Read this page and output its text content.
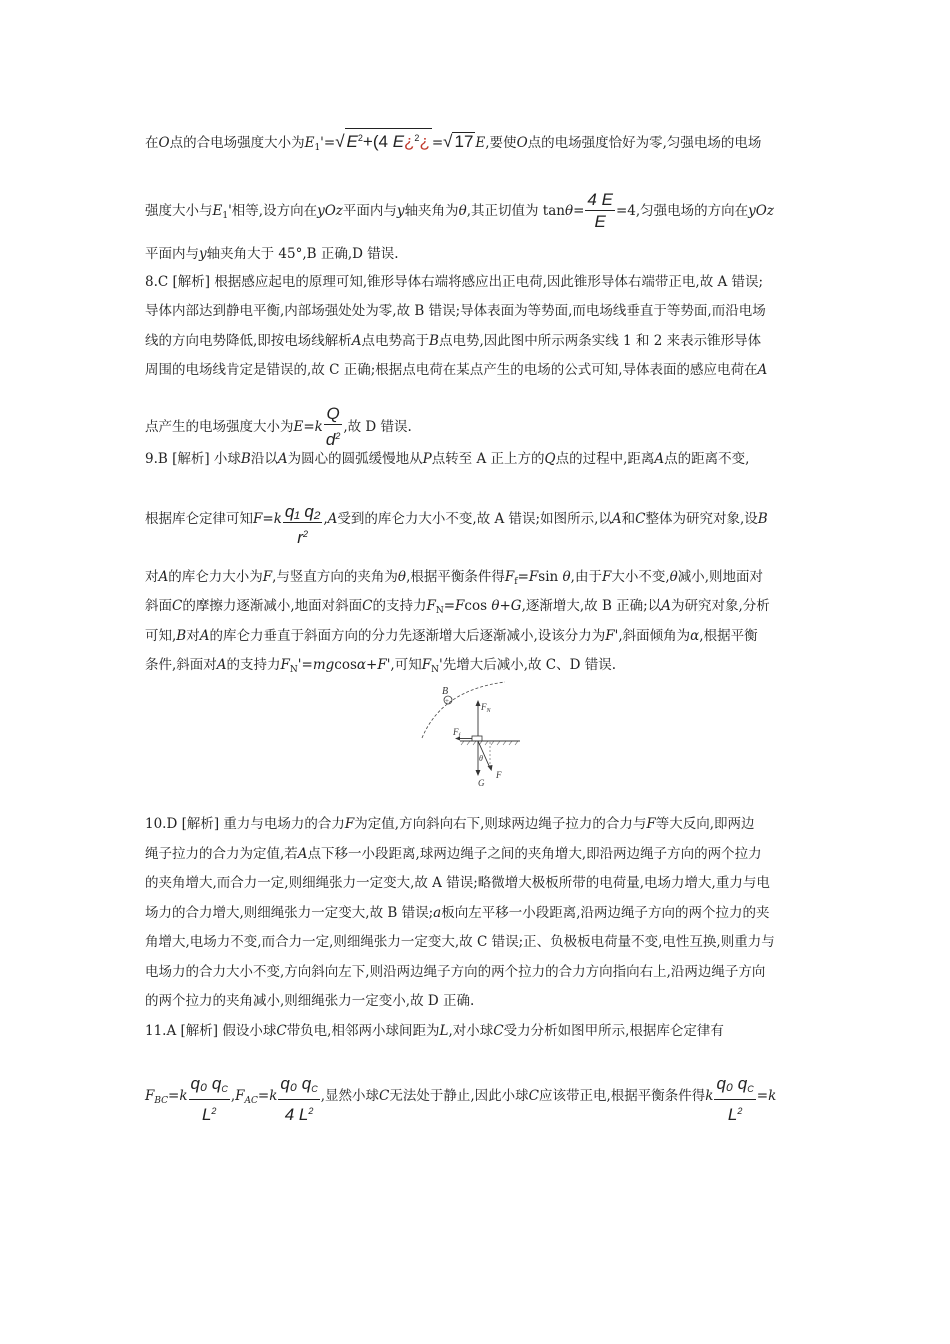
在O点的合电场强度大小为$E_1'=√$ $E^2+(4$ E¿$^2$¿ =√ 17 E,要使O点的电场强度恰好为零,匀强电场的电场
强度大小与$E_1'$相等,设方向在yOz平面内与y轴夹角为θ,其正切值为 $\tan\theta= \frac{4 E}{E} =4$,匀强电场的方向在yOz
平面内与y轴夹角大于 45°,B 正确,D 错误.
8.C [解析] 根据感应起电的原理可知,锥形导体右端将感应出正电荷,因此锥形导体右端带正电,故 A 错误;
导体内部达到静电平衡,内部场强处处为零,故 B 错误;导体表面为等势面,而电场线垂直于等势面,而沿电场
线的方向电势降低,即按电场线解析A点电势高于B点电势,因此图中所示两条实线 1 和 2 来表示锥形导体
周围的电场线肯定是错误的,故 C 正确;根据点电荷在某点产生的电场的公式可知,导体表面的感应电荷在A
点产生的电场强度大小为$E=k \frac{Q}{d^2}$ ,故 D 错误.
9.B [解析] 小球B沿以A为圆心的圆弧缓慢地从P点转至 A 正上方的Q点的过程中,距离A点的距离不变,
根据库仑定律可知$F=k \frac{\text{q₁ q₂}}{r^2} ,A$受到的库仑力大小不变,故 A 错误;如图所示,以A和C整体为研究对象,设B
对A的库仑力大小为F,与竖直方向的夹角为θ,根据平衡条件得$F_f=Fsin$ θ,由于F大小不变,θ减小,则地面对
斜面C的摩擦力逐渐减小,地面对斜面C的支持力$F_N=Fcos$ θ+G,逐渐增大,故 B 正确;以A为研究对象,分析
可知,B对A的库仑力垂直于斜面方向的分力先逐渐增大后逐渐减小,设该分力为F',斜面倾角为α,根据平衡
条件,斜面对A的支持力$F_N'=mgcos\alpha+F'$,可知$F_N'$先增大后减小,故 C、D 错误.
B
+
$F_N$
$F_f$
G
F
θ
10.D [解析] 重力与电场力的合力F为定值,方向斜向右下,则球两边绳子拉力的合力与F等大反向,即两边
绳子拉力的合力为定值,若A点下移一小段距离,球两边绳子之间的夹角增大,即沿两边绳子方向的两个拉力
的夹角增大,而合力一定,则细绳张力一定变大,故 A 错误;略微增大极板所带的电荷量,电场力增大,重力与电
场力的合力增大,则细绳张力一定变大,故 B 错误;a板向左平移一小段距离,沿两边绳子方向的两个拉力的夹
角增大,电场力不变,而合力一定,则细绳张力一定变大,故 C 错误;正、负极板电荷量不变,电性互换,则重力与
电场力的合力大小不变,方向斜向左下,则沿两边绳子方向的两个拉力的合力方向指向右上,沿两边绳子方向
的两个拉力的夹角减小,则细绳张力一定变小,故 D 正确.
11.A [解析] 假设小球C带负电,相邻两小球间距为L,对小球C受力分析如图甲所示,根据库仑定律有
$F_{BC}=k \frac{q_0 q_C}{L^2} ,F_{AC}=k \frac{q_0 q_C}{4 L^2}$ ,显然小球C无法处于静止,因此小球C应该带正电,根据平衡条件得k $\frac{q_0 q_C}{L^2} =k$
